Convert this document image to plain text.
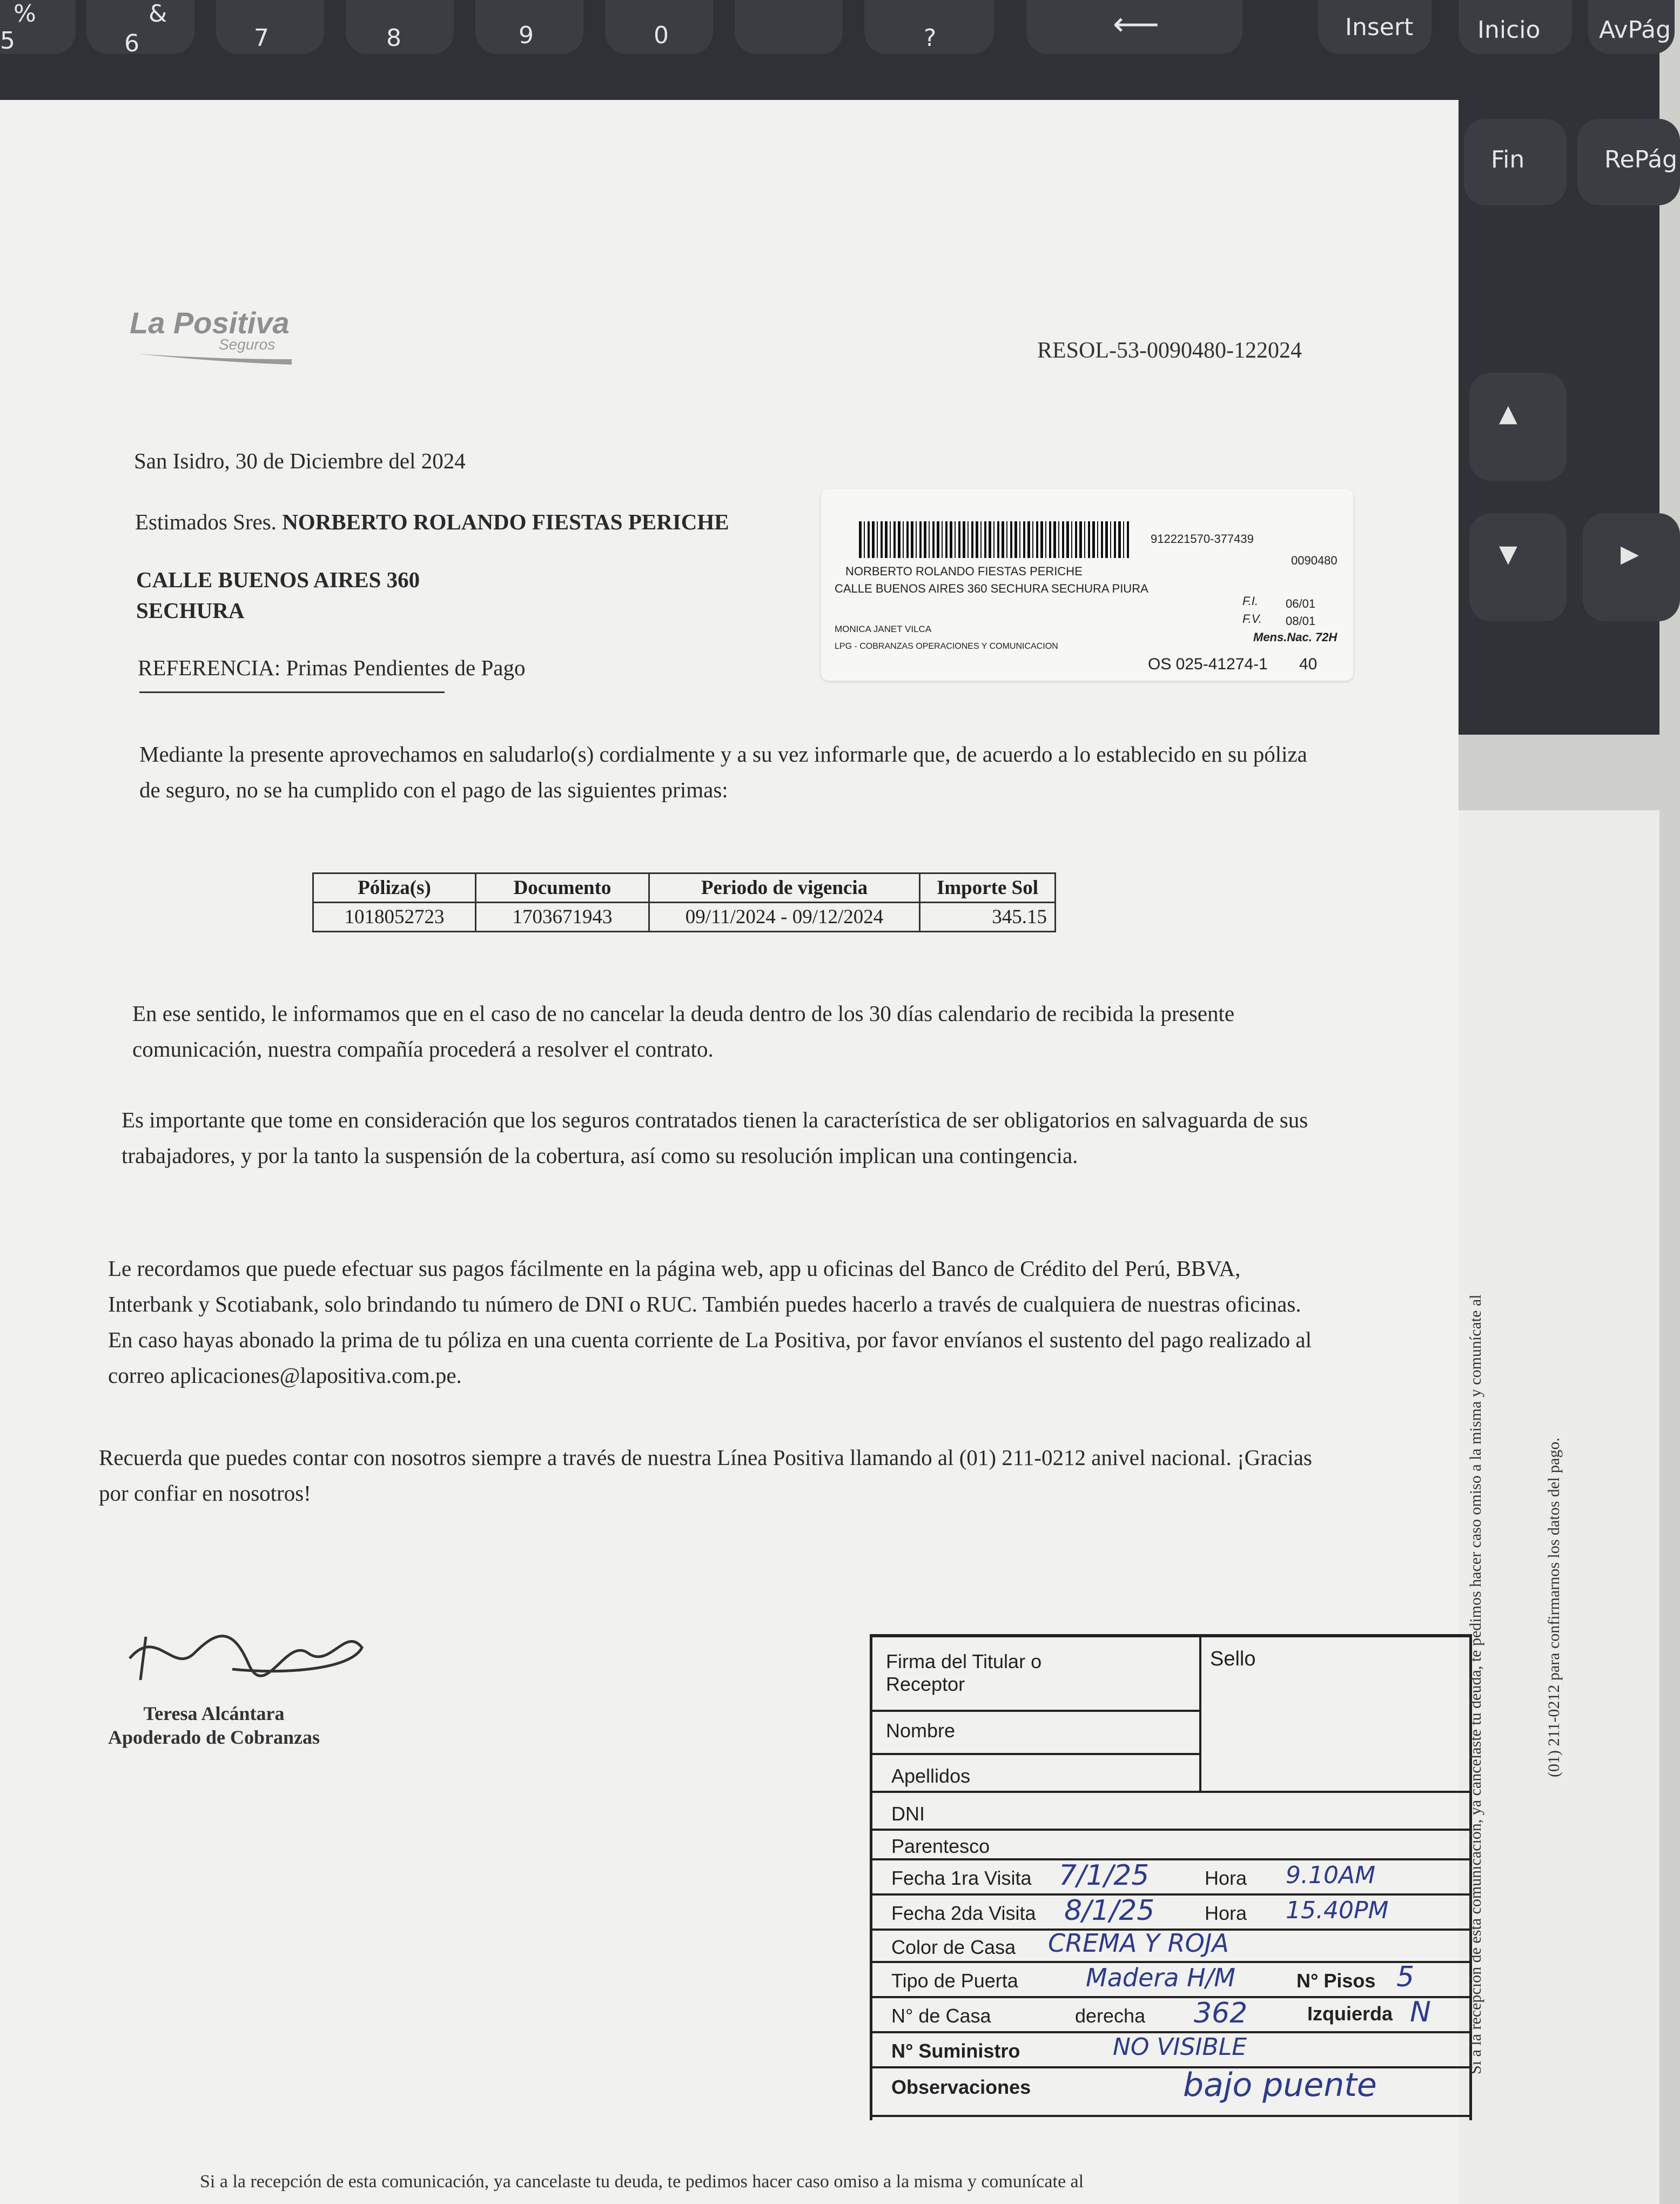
%	&
5	6	7	8	9	0	?	⟵	Insert	Inicio AvPág
Fin	RePág
▲
▼	▶
La Positiva
Seguros	RESOL-53-0090480-122024
San Isidro, 30 de Diciembre del 2024
Estimados Sres. NORBERTO ROLANDO FIESTAS PERICHE
CALLE BUENOS AIRES 360
SECHURA
REFERENCIA: Primas Pendientes de Pago
912221570-377439
0090480
NORBERTO ROLANDO FIESTAS PERICHE
CALLE BUENOS AIRES 360 SECHURA SECHURA PIURA
F.I. 06/01
F.V. 08/01
MONICA JANET VILCA
Mens.Nac. 72H
LPG - COBRANZAS OPERACIONES Y COMUNICACION
OS 025-41274-1 40
Mediante la presente aprovechamos en saludarlo(s) cordialmente y a su vez informarle que, de acuerdo a lo establecido en su póliza de seguro, no se ha cumplido con el pago de las siguientes primas:
Póliza(s)	Documento	Periodo de vigencia	Importe Sol
1018052723	1703671943	09/11/2024 - 09/12/2024	345.15
En ese sentido, le informamos que en el caso de no cancelar la deuda dentro de los 30 días calendario de recibida la presente comunicación, nuestra compañía procederá a resolver el contrato.
Es importante que tome en consideración que los seguros contratados tienen la característica de ser obligatorios en salvaguarda de sus trabajadores, y por la tanto la suspensión de la cobertura, así como su resolución implican una contingencia.
Le recordamos que puede efectuar sus pagos fácilmente en la página web, app u oficinas del Banco de Crédito del Perú, BBVA, Interbank y Scotiabank, solo brindando tu número de DNI o RUC. También puedes hacerlo a través de cualquiera de nuestras oficinas. En caso hayas abonado la prima de tu póliza en una cuenta corriente de La Positiva, por favor envíanos el sustento del pago realizado al correo aplicaciones@lapositiva.com.pe.
Recuerda que puedes contar con nosotros siempre a través de nuestra Línea Positiva llamando al (01) 211-0212 anivel nacional. ¡Gracias por confiar en nosotros!
Teresa Alcántara
Apoderado de Cobranzas
Firma del Titular o Receptor
Sello
Nombre
Apellidos
DNI
Parentesco
Fecha 1ra Visita 7/1/25	Hora 9.10AM
Fecha 2da Visita 8/1/25	Hora 15.40PM
Color de Casa CREMA Y ROJA
Tipo de Puerta	Madera H/M	N° Pisos 5
N° de Casa	derecha 362	Izquierda N
N° Suministro	NO VISIBLE
Observaciones	bajo puente
Si a la recepción de esta comunicación, ya cancelaste tu deuda, te pedimos hacer caso omiso a la misma y comunícate al	(01) 211-0212 para confirmarnos los datos del pago.
Si a la recepción de esta comunicación, ya cancelaste tu deuda, te pedimos hacer caso omiso a la misma y comunícate al
